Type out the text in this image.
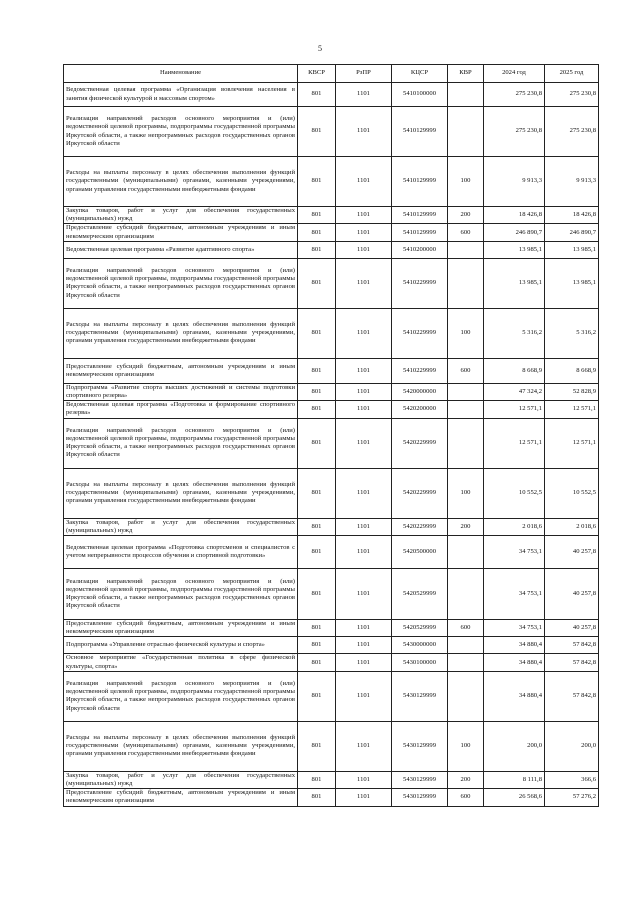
5
Наименование	КВСР	РзПР	КЦСР	КВР	2024 год	2025 год
Ведомственная целевая программа «Организация вовлечения населения в занятия физической культурой и массовым спортом»	801	1101	5410100000		275 230,8	275 230,8
Реализация направлений расходов основного мероприятия и (или) ведомственной целевой программы, подпрограммы государственной программы Иркутской области, а также непрограммных расходов государственных органов Иркутской области	801	1101	5410129999		275 230,8	275 230,8
Расходы на выплаты персоналу в целях обеспечения выполнения функций государственными (муниципальными) органами, казенными учреждениями, органами управления государственными внебюджетными фондами	801	1101	5410129999	100	9 913,3	9 913,3
Закупка товаров, работ и услуг для обеспечения государственных (муниципальных) нужд	801	1101	5410129999	200	18 426,8	18 426,8
Предоставление субсидий бюджетным, автономным учреждениям и иным некоммерческим организациям	801	1101	5410129999	600	246 890,7	246 890,7
Ведомственная целевая программа «Развитие адаптивного спорта»	801	1101	5410200000		13 985,1	13 985,1
Реализация направлений расходов основного мероприятия и (или) ведомственной целевой программы, подпрограммы государственной программы Иркутской области, а также непрограммных расходов государственных органов Иркутской области	801	1101	5410229999		13 985,1	13 985,1
Расходы на выплаты персоналу в целях обеспечения выполнения функций государственными (муниципальными) органами, казенными учреждениями, органами управления государственными внебюджетными фондами	801	1101	5410229999	100	5 316,2	5 316,2
Предоставление субсидий бюджетным, автономным учреждениям и иным некоммерческим организациям	801	1101	5410229999	600	8 668,9	8 668,9
Подпрограмма «Развитие спорта высших достижений и системы подготовки спортивного резерва»	801	1101	5420000000		47 324,2	52 828,9
Ведомственная целевая программа «Подготовка и формирование спортивного резерва»	801	1101	5420200000		12 571,1	12 571,1
Реализация направлений расходов основного мероприятия и (или) ведомственной целевой программы, подпрограммы государственной программы Иркутской области, а также непрограммных расходов государственных органов Иркутской области	801	1101	5420229999		12 571,1	12 571,1
Расходы на выплаты персоналу в целях обеспечения выполнения функций государственными (муниципальными) органами, казенными учреждениями, органами управления государственными внебюджетными фондами	801	1101	5420229999	100	10 552,5	10 552,5
Закупка товаров, работ и услуг для обеспечения государственных (муниципальных) нужд	801	1101	5420229999	200	2 018,6	2 018,6
Ведомственная целевая программа «Подготовка спортсменов и специалистов с учетом непрерывности процессов обучения и спортивной подготовки»	801	1101	5420500000		34 753,1	40 257,8
Реализация направлений расходов основного мероприятия и (или) ведомственной целевой программы, подпрограммы государственной программы Иркутской области, а также непрограммных расходов государственных органов Иркутской области	801	1101	5420529999		34 753,1	40 257,8
Предоставление субсидий бюджетным, автономным учреждениям и иным некоммерческим организациям	801	1101	5420529999	600	34 753,1	40 257,8
Подпрограмма «Управление отраслью физической культуры и спорта»	801	1101	5430000000		34 880,4	57 842,8
Основное мероприятие «Государственная политика в сфере физической культуры, спорта»	801	1101	5430100000		34 880,4	57 842,8
Реализация направлений расходов основного мероприятия и (или) ведомственной целевой программы, подпрограммы государственной программы Иркутской области, а также непрограммных расходов государственных органов Иркутской области	801	1101	5430129999		34 880,4	57 842,8
Расходы на выплаты персоналу в целях обеспечения выполнения функций государственными (муниципальными) органами, казенными учреждениями, органами управления государственными внебюджетными фондами	801	1101	5430129999	100	200,0	200,0
Закупка товаров, работ и услуг для обеспечения государственных (муниципальных) нужд	801	1101	5430129999	200	8 111,8	366,6
Предоставление субсидий бюджетным, автономным учреждениям и иным некоммерческим организациям	801	1101	5430129999	600	26 568,6	57 276,2
